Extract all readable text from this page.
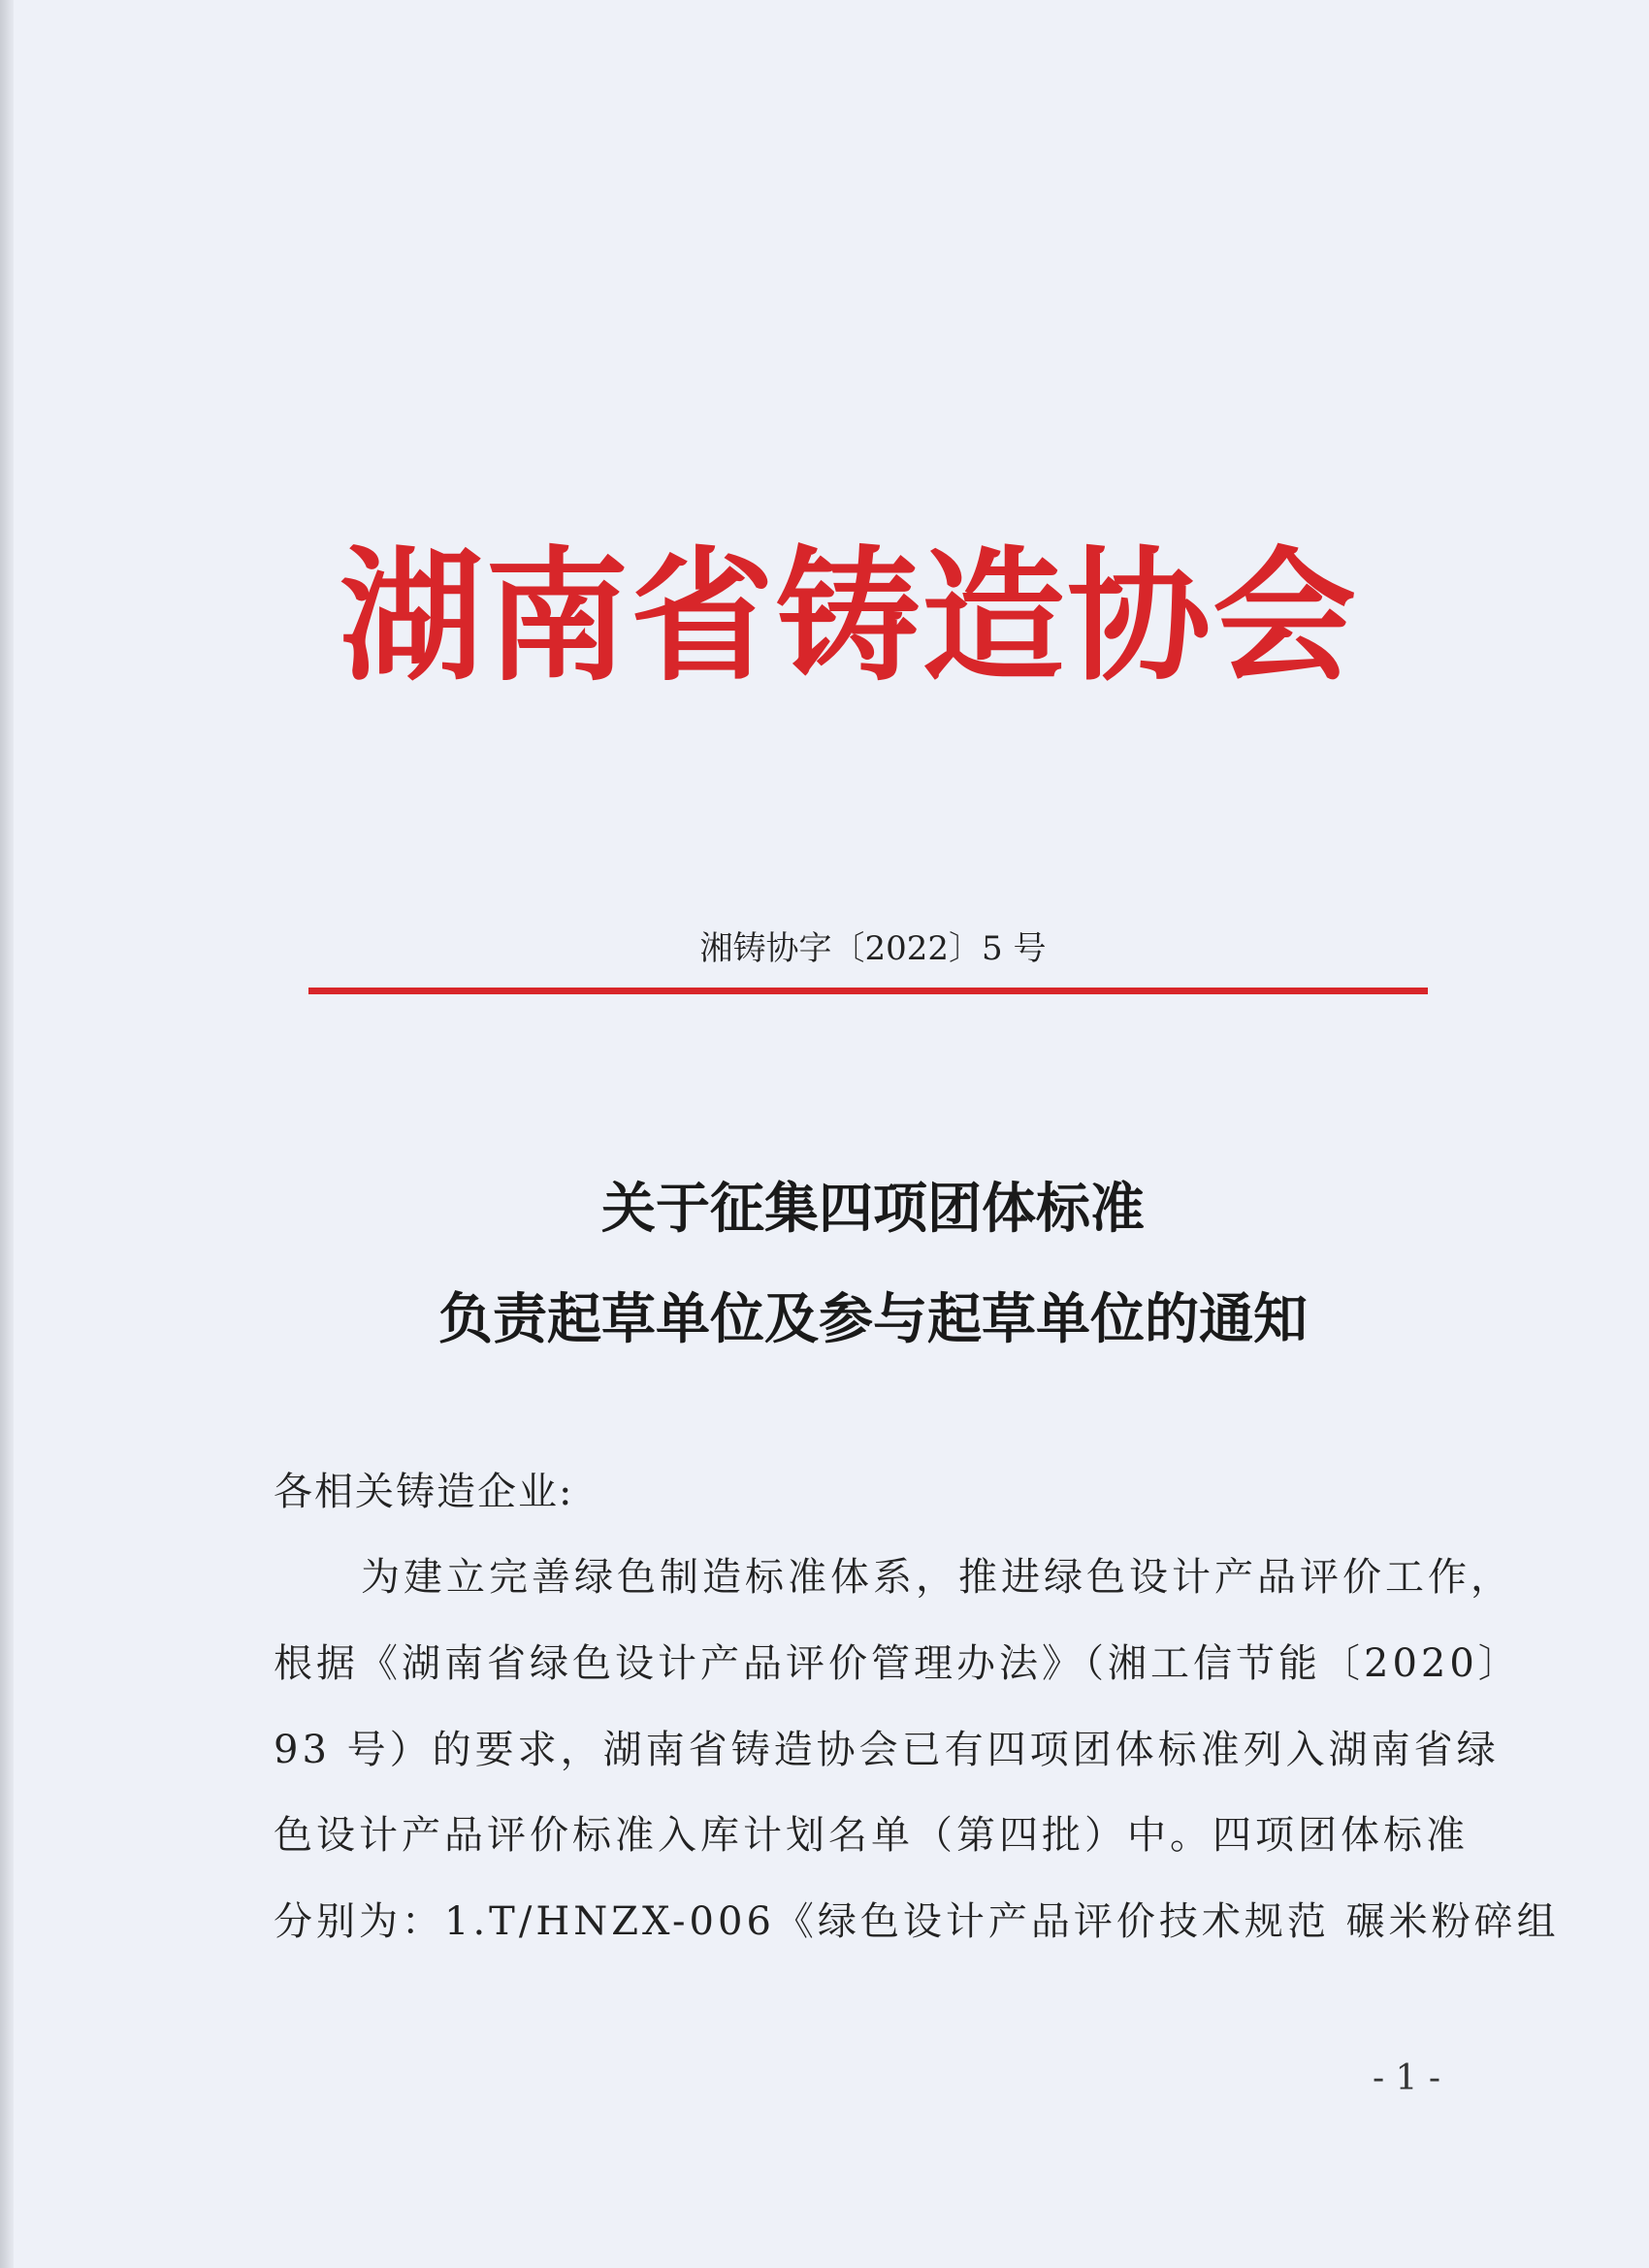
湖南省铸造协会
湘铸协字〔2022〕5 号
关于征集四项团体标准
负责起草单位及参与起草单位的通知
各相关铸造企业:
为建立完善绿色制造标准体系，推进绿色设计产品评价工作，
根据《湖南省绿色设计产品评价管理办法》（湘工信节能〔2020〕
93 号）的要求，湖南省铸造协会已有四项团体标准列入湖南省绿
色设计产品评价标准入库计划名单（第四批）中。四项团体标准
分别为：1.T/HNZX-006《绿色设计产品评价技术规范 碾米粉碎组
- 1 -
